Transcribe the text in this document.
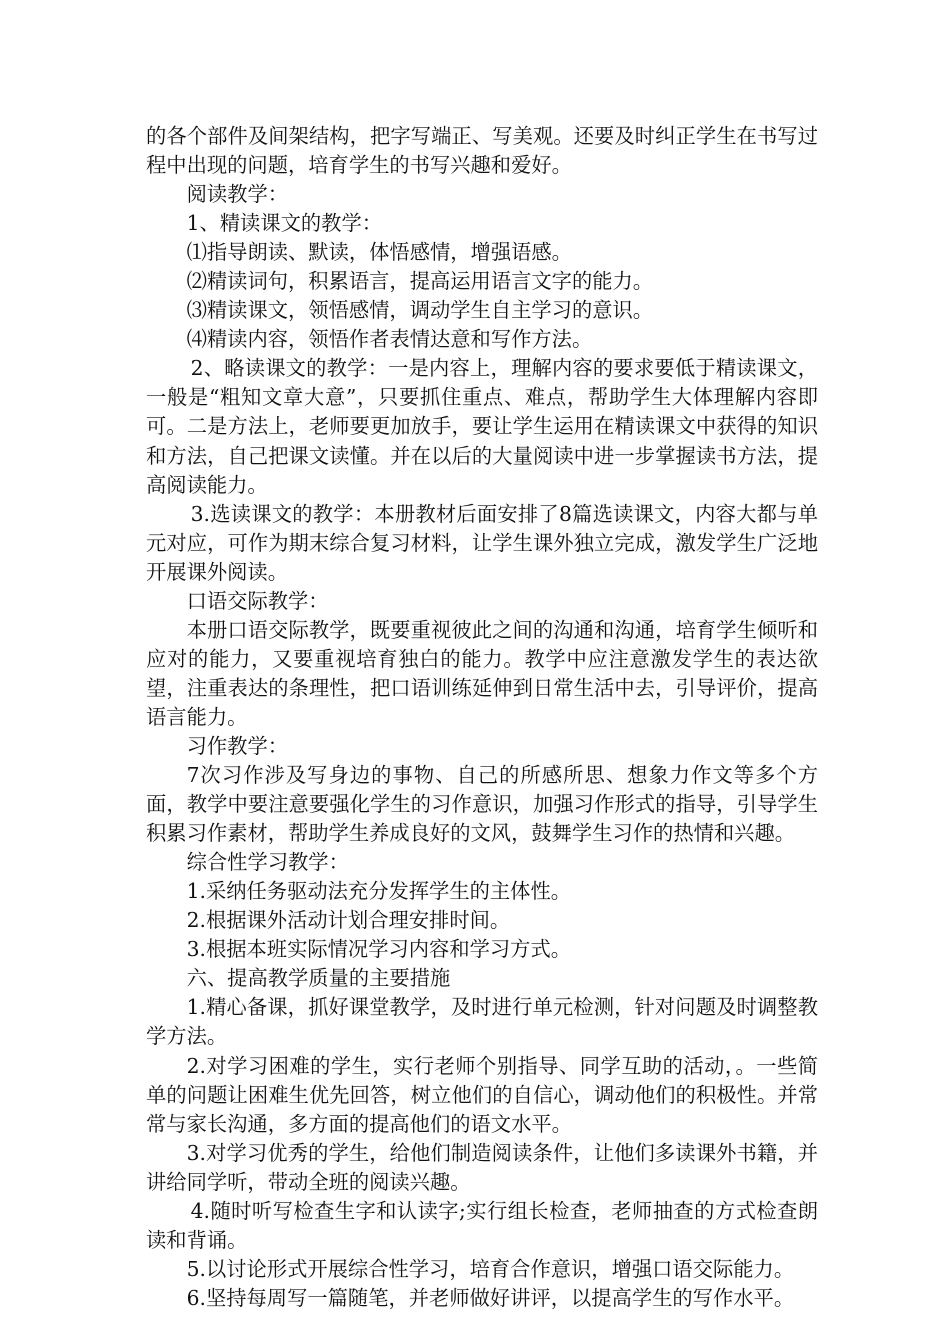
的各个部件及间架结构，把字写端正、写美观。还要及时纠正学生在书写过程中出现的问题，培育学生的书写兴趣和爱好。

阅读教学：

1、精读课文的教学：

⑴指导朗读、默读，体悟感情，增强语感。

⑵精读词句，积累语言，提高运用语言文字的能力。

⑶精读课文，领悟感情，调动学生自主学习的意识。

⑷精读内容，领悟作者表情达意和写作方法。

2、略读课文的教学：一是内容上，理解内容的要求要低于精读课文，一般是“粗知文章大意”，只要抓住重点、难点，帮助学生大体理解内容即可。二是方法上，老师要更加放手，要让学生运用在精读课文中获得的知识和方法，自己把课文读懂。并在以后的大量阅读中进一步掌握读书方法，提高阅读能力。

3.选读课文的教学：本册教材后面安排了8篇选读课文，内容大都与单元对应，可作为期末综合复习材料，让学生课外独立完成，激发学生广泛地开展课外阅读。

口语交际教学：

本册口语交际教学，既要重视彼此之间的沟通和沟通，培育学生倾听和应对的能力，又要重视培育独白的能力。教学中应注意激发学生的表达欲望，注重表达的条理性，把口语训练延伸到日常生活中去，引导评价，提高语言能力。

习作教学：

7次习作涉及写身边的事物、自己的所感所思、想象力作文等多个方面，教学中要注意要强化学生的习作意识，加强习作形式的指导，引导学生积累习作素材，帮助学生养成良好的文风，鼓舞学生习作的热情和兴趣。

综合性学习教学：

1.采纳任务驱动法充分发挥学生的主体性。

2.根据课外活动计划合理安排时间。

3.根据本班实际情况学习内容和学习方式。

六、提高教学质量的主要措施

1.精心备课，抓好课堂教学，及时进行单元检测，针对问题及时调整教学方法。

2.对学习困难的学生，实行老师个别指导、同学互助的活动，。一些简单的问题让困难生优先回答，树立他们的自信心，调动他们的积极性。并常常与家长沟通，多方面的提高他们的语文水平。

3.对学习优秀的学生，给他们制造阅读条件，让他们多读课外书籍，并讲给同学听，带动全班的阅读兴趣。

4.随时听写检查生字和认读字;实行组长检查，老师抽查的方式检查朗读和背诵。

5.以讨论形式开展综合性学习，培育合作意识，增强口语交际能力。

6.坚持每周写一篇随笔，并老师做好讲评，以提高学生的写作水平。
